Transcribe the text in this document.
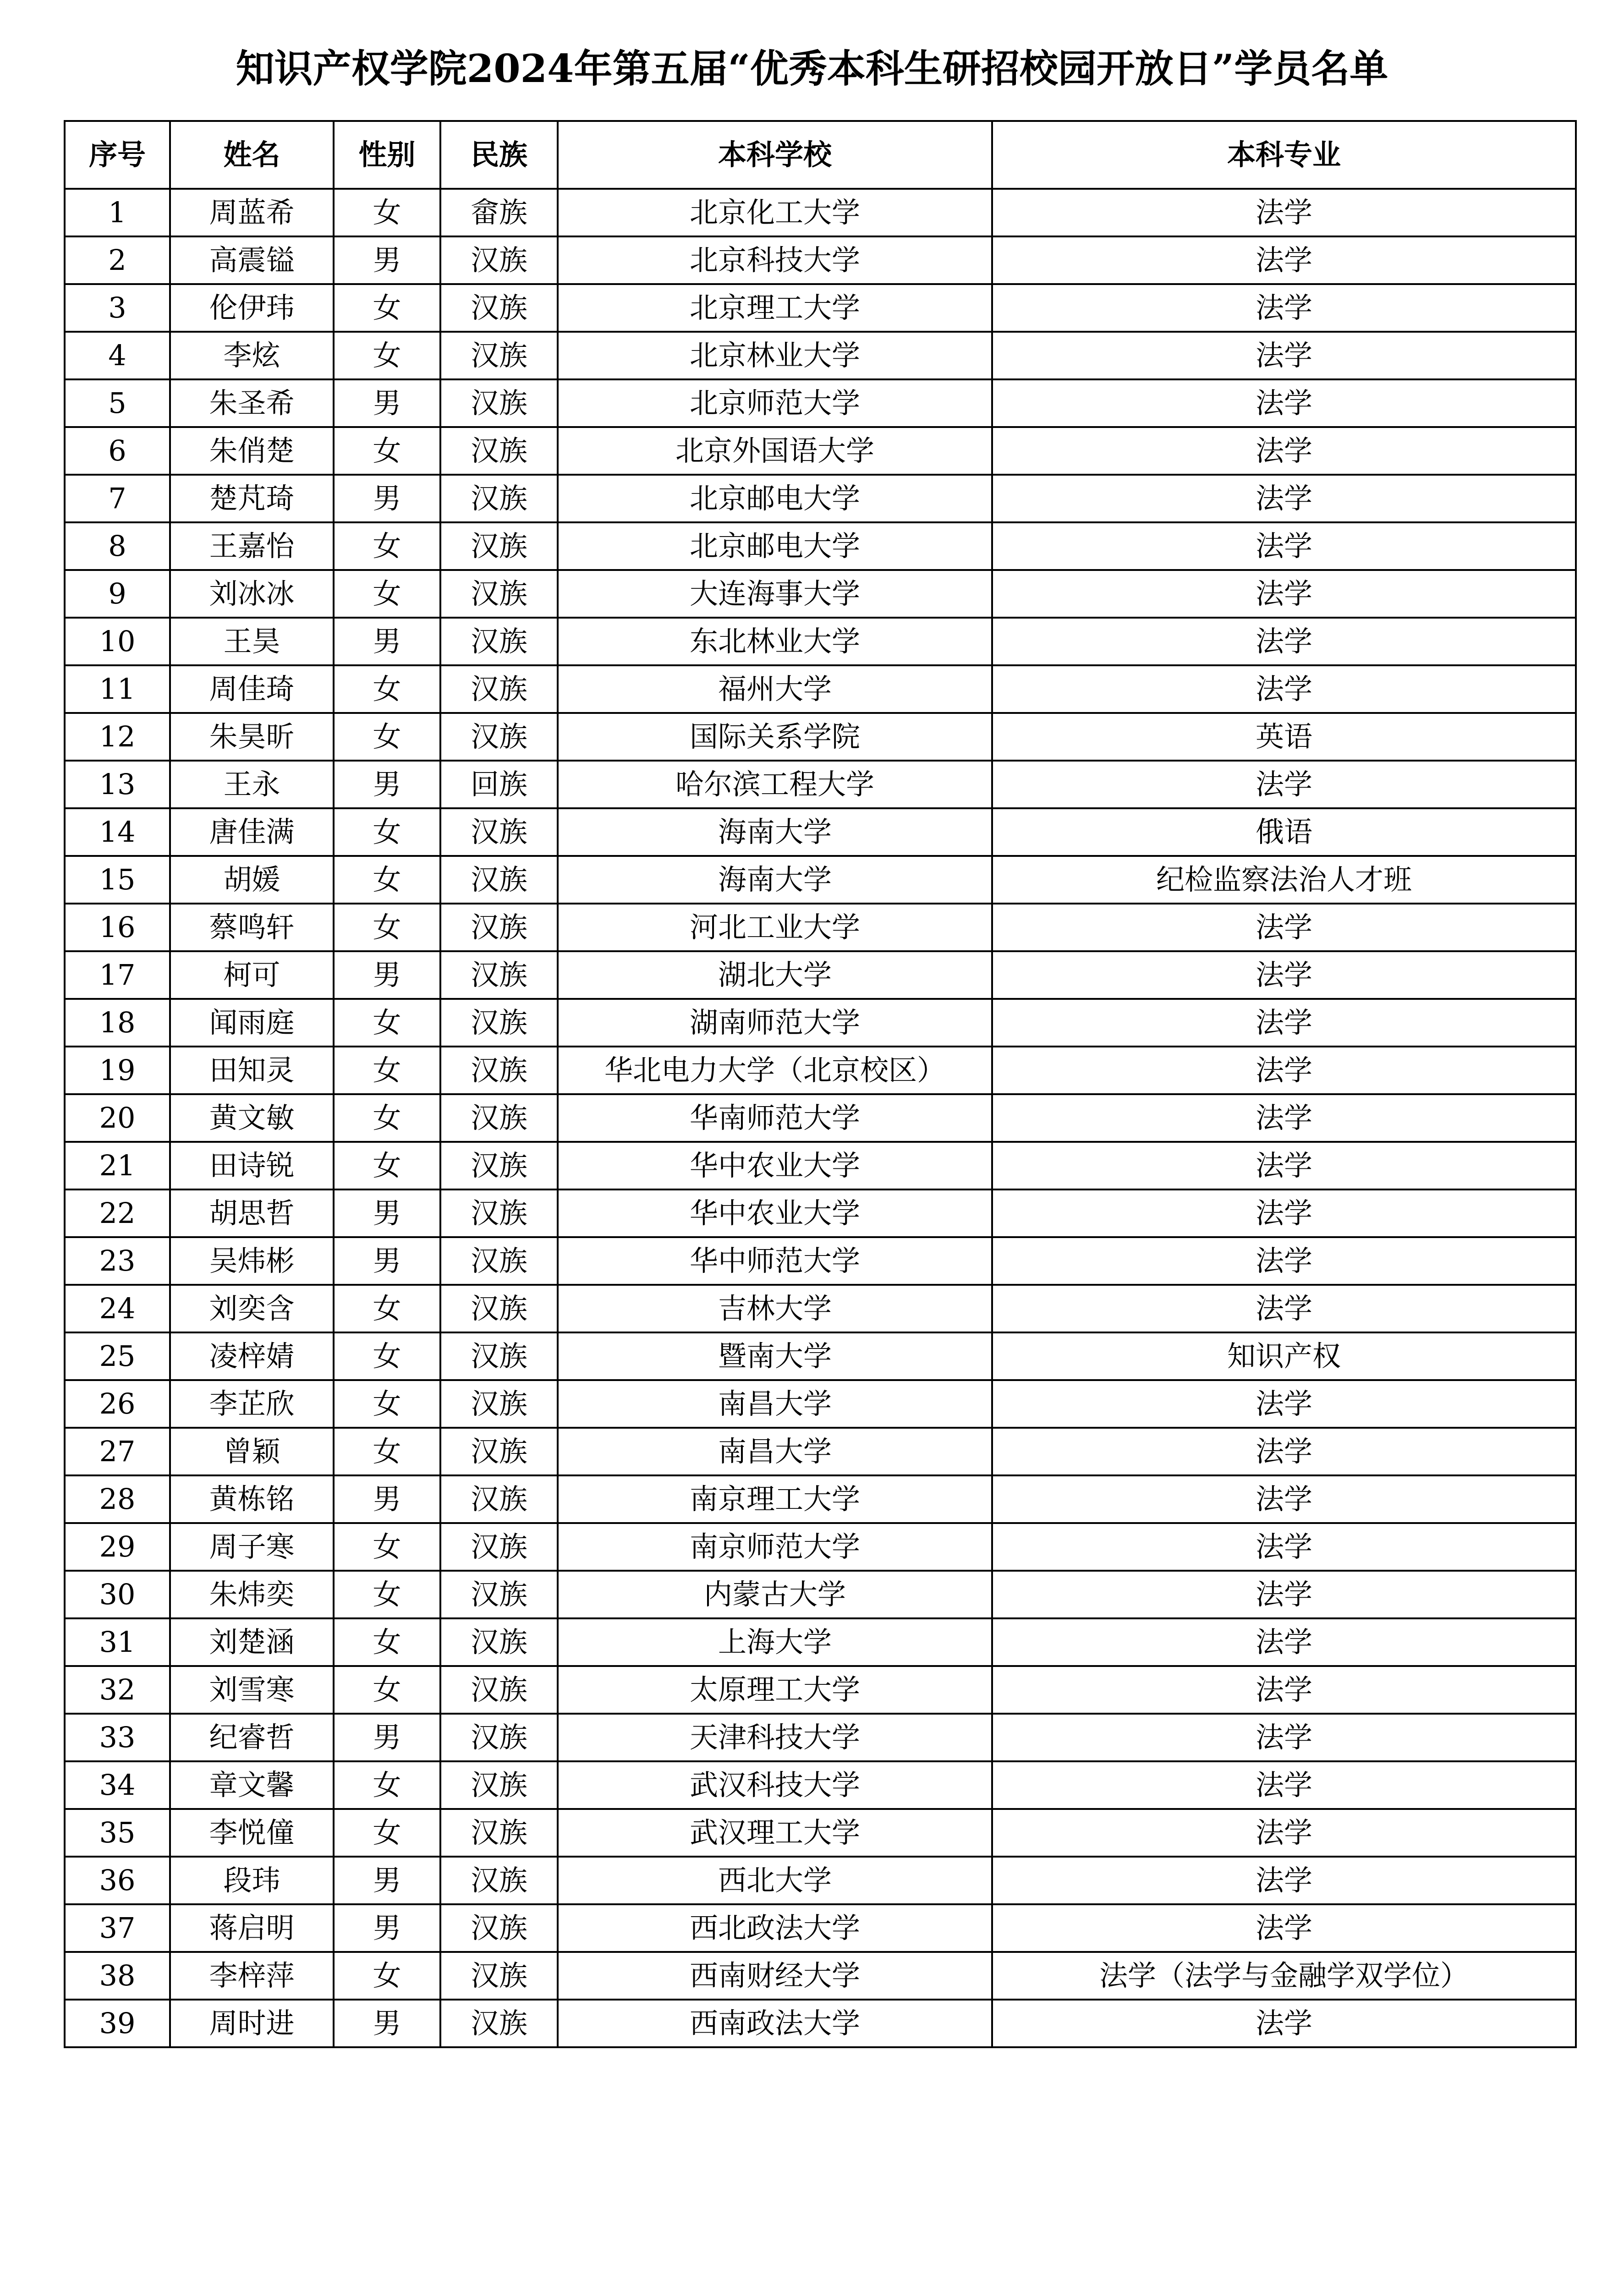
知识产权学院2024年第五届“优秀本科生研招校园开放日”学员名单
序号	姓名	性别	民族	本科学校	本科专业
1	周蓝希	女	畲族	北京化工大学	法学
2	高震镒	男	汉族	北京科技大学	法学
3	伦伊玮	女	汉族	北京理工大学	法学
4	李炫	女	汉族	北京林业大学	法学
5	朱圣希	男	汉族	北京师范大学	法学
6	朱俏楚	女	汉族	北京外国语大学	法学
7	楚芃琦	男	汉族	北京邮电大学	法学
8	王嘉怡	女	汉族	北京邮电大学	法学
9	刘冰冰	女	汉族	大连海事大学	法学
10	王昊	男	汉族	东北林业大学	法学
11	周佳琦	女	汉族	福州大学	法学
12	朱昊昕	女	汉族	国际关系学院	英语
13	王永	男	回族	哈尔滨工程大学	法学
14	唐佳满	女	汉族	海南大学	俄语
15	胡媛	女	汉族	海南大学	纪检监察法治人才班
16	蔡鸣轩	女	汉族	河北工业大学	法学
17	柯可	男	汉族	湖北大学	法学
18	闻雨庭	女	汉族	湖南师范大学	法学
19	田知灵	女	汉族	华北电力大学（北京校区）	法学
20	黄文敏	女	汉族	华南师范大学	法学
21	田诗锐	女	汉族	华中农业大学	法学
22	胡思哲	男	汉族	华中农业大学	法学
23	吴炜彬	男	汉族	华中师范大学	法学
24	刘奕含	女	汉族	吉林大学	法学
25	凌梓婧	女	汉族	暨南大学	知识产权
26	李芷欣	女	汉族	南昌大学	法学
27	曾颖	女	汉族	南昌大学	法学
28	黄栋铭	男	汉族	南京理工大学	法学
29	周子寒	女	汉族	南京师范大学	法学
30	朱炜奕	女	汉族	内蒙古大学	法学
31	刘楚涵	女	汉族	上海大学	法学
32	刘雪寒	女	汉族	太原理工大学	法学
33	纪睿哲	男	汉族	天津科技大学	法学
34	章文馨	女	汉族	武汉科技大学	法学
35	李悦僮	女	汉族	武汉理工大学	法学
36	段玮	男	汉族	西北大学	法学
37	蒋启明	男	汉族	西北政法大学	法学
38	李梓萍	女	汉族	西南财经大学	法学（法学与金融学双学位）
39	周时进	男	汉族	西南政法大学	法学
